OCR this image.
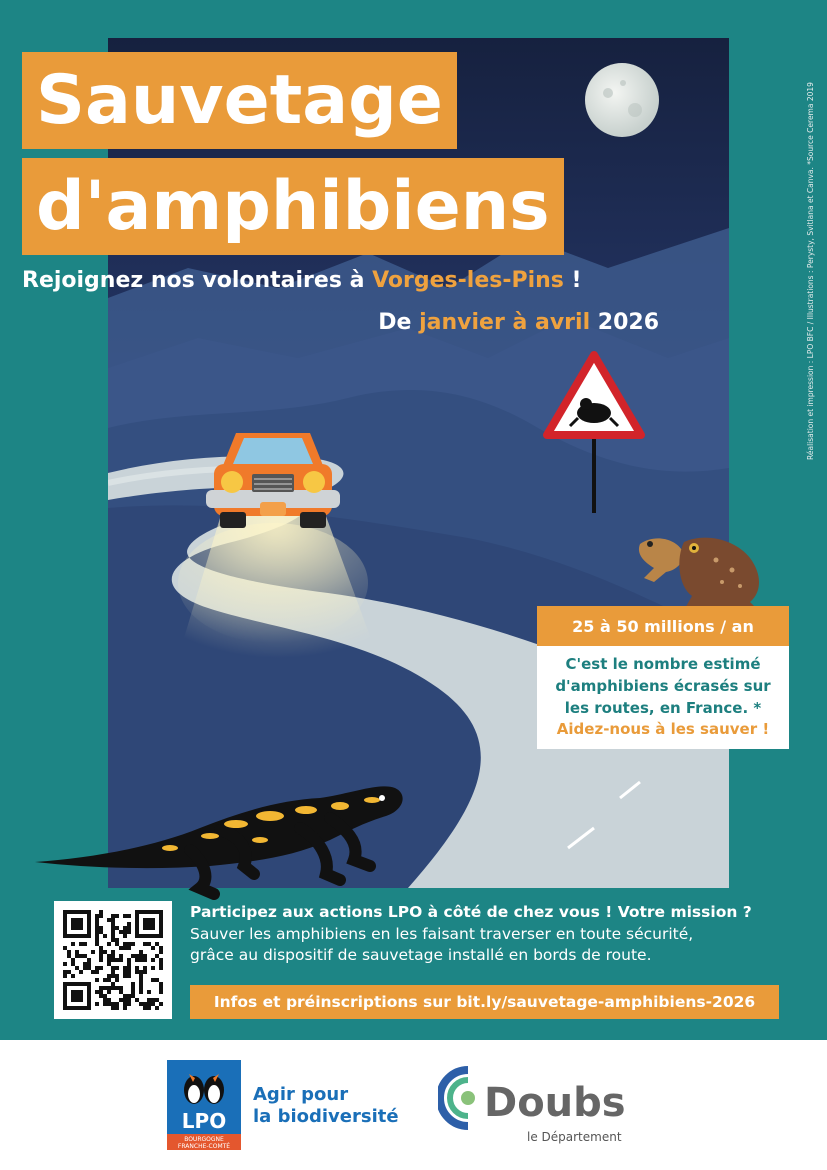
Sauvetage
d'amphibiens
Rejoignez nos volontaires à Vorges-les-Pins !
De janvier à avril 2026	Réalisation et impression : LPO BFC / Illustrations : Perysty, Svitlana et Canva. *Source Cerema 2019
25 à 50 millions / an
C'est le nombre estimé
d'amphibiens écrasés sur
les routes, en France. *
Aidez-nous à les sauver !
Participez aux actions LPO à côté de chez vous ! Votre mission ?
Sauver les amphibiens en les faisant traverser en toute sécurité,
grâce au dispositif de sauvetage installé en bords de route.
Infos et préinscriptions sur bit.ly/sauvetage-amphibiens-2026
LPO
BOURGOGNE
FRANCHE-COMTÉ
Agir pour
la biodiversité Doubs
le Département
